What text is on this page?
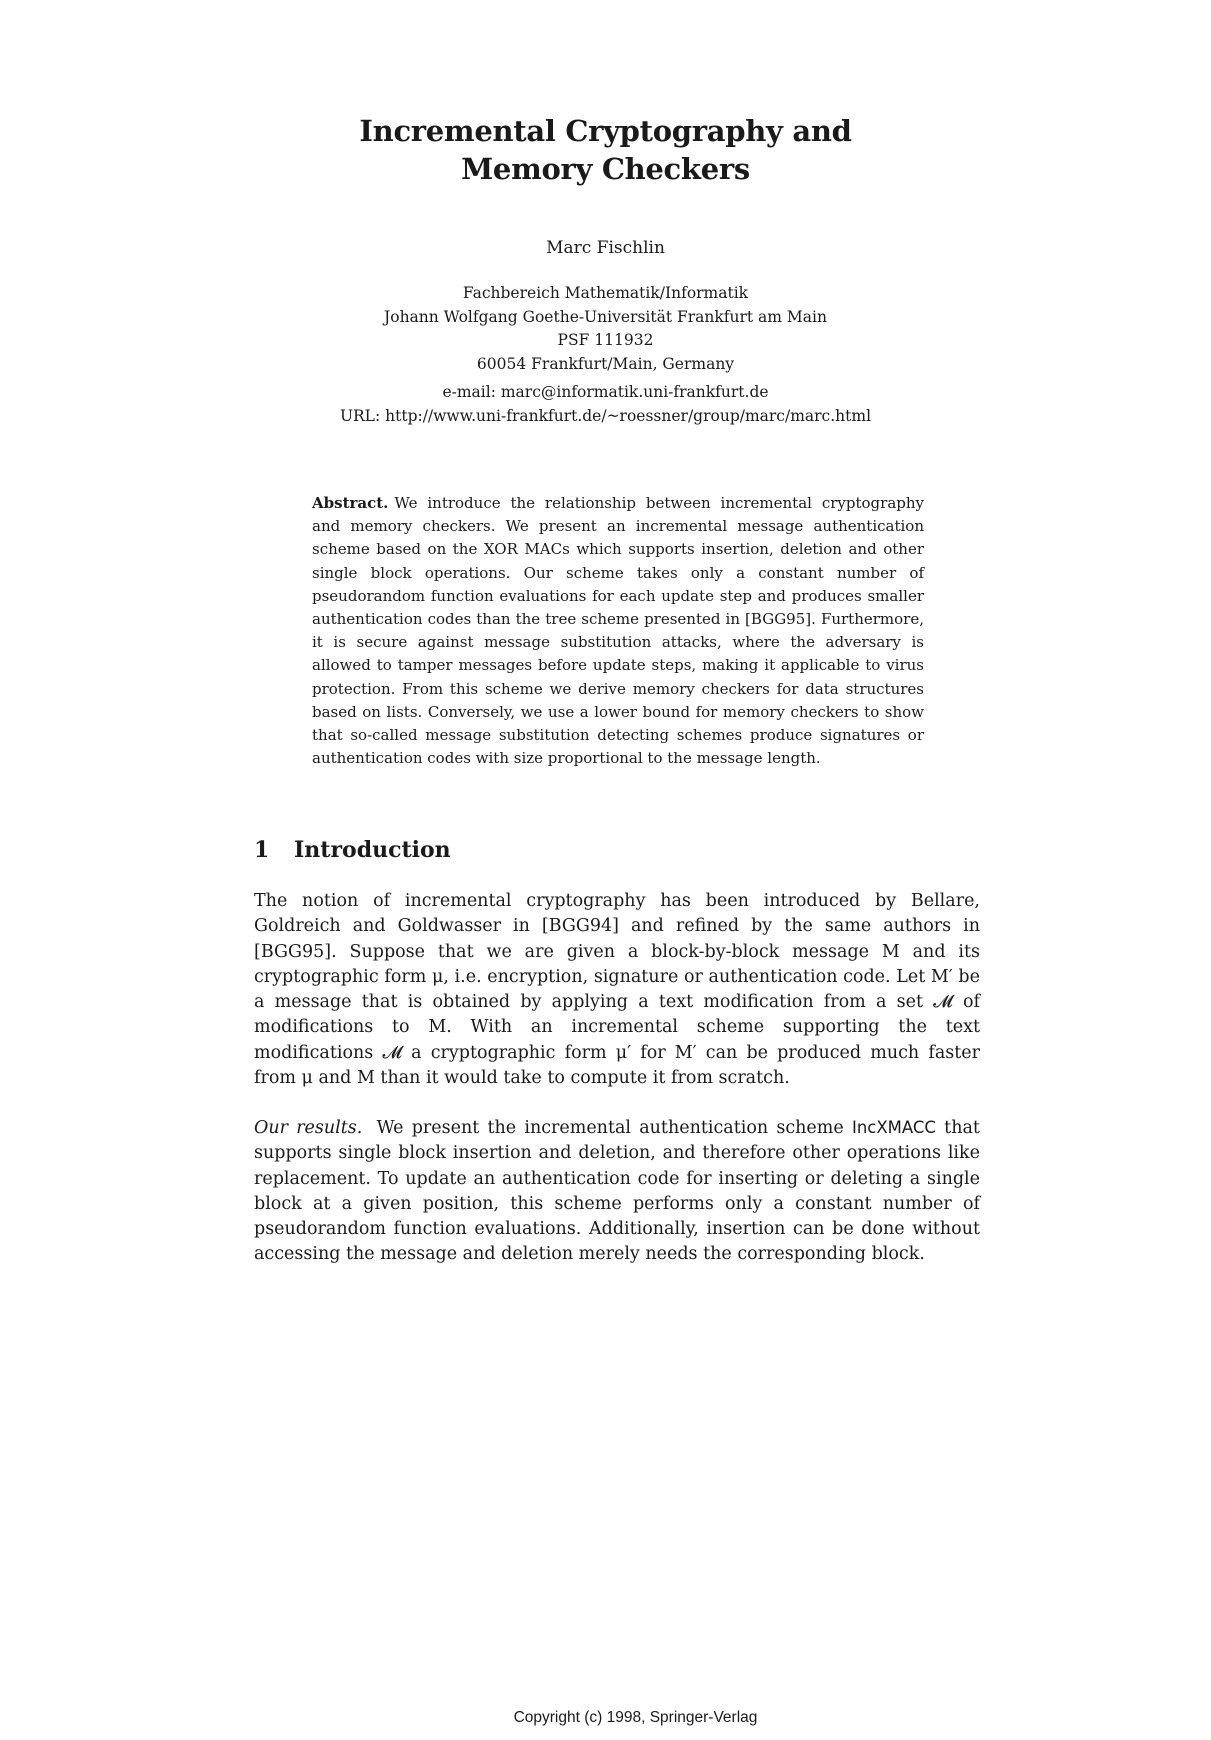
Incremental Cryptography and
Memory Checkers
Marc Fischlin
Fachbereich Mathematik/Informatik
Johann Wolfgang Goethe-Universität Frankfurt am Main
PSF 111932
60054 Frankfurt/Main, Germany
e-mail: marc@informatik.uni-frankfurt.de
URL: http://www.uni-frankfurt.de/~roessner/group/marc/marc.html
Abstract. We introduce the relationship between incremental cryptography and memory checkers. We present an incremental message authentication scheme based on the XOR MACs which supports insertion, deletion and other single block operations. Our scheme takes only a constant number of pseudorandom function evaluations for each update step and produces smaller authentication codes than the tree scheme presented in [BGG95]. Furthermore, it is secure against message substitution attacks, where the adversary is allowed to tamper messages before update steps, making it applicable to virus protection. From this scheme we derive memory checkers for data structures based on lists. Conversely, we use a lower bound for memory checkers to show that so-called message substitution detecting schemes produce signatures or authentication codes with size proportional to the message length.
1 Introduction
The notion of incremental cryptography has been introduced by Bellare, Goldreich and Goldwasser in [BGG94] and refined by the same authors in [BGG95]. Suppose that we are given a block-by-block message M and its cryptographic form μ, i.e. encryption, signature or authentication code. Let M′ be a message that is obtained by applying a text modification from a set 𝓜 of modifications to M. With an incremental scheme supporting the text modifications 𝓜 a cryptographic form μ′ for M′ can be produced much faster from μ and M than it would take to compute it from scratch.
Our results. We present the incremental authentication scheme IncXMACC that supports single block insertion and deletion, and therefore other operations like replacement. To update an authentication code for inserting or deleting a single block at a given position, this scheme performs only a constant number of pseudorandom function evaluations. Additionally, insertion can be done without accessing the message and deletion merely needs the corresponding block.
Copyright (c) 1998, Springer-Verlag
